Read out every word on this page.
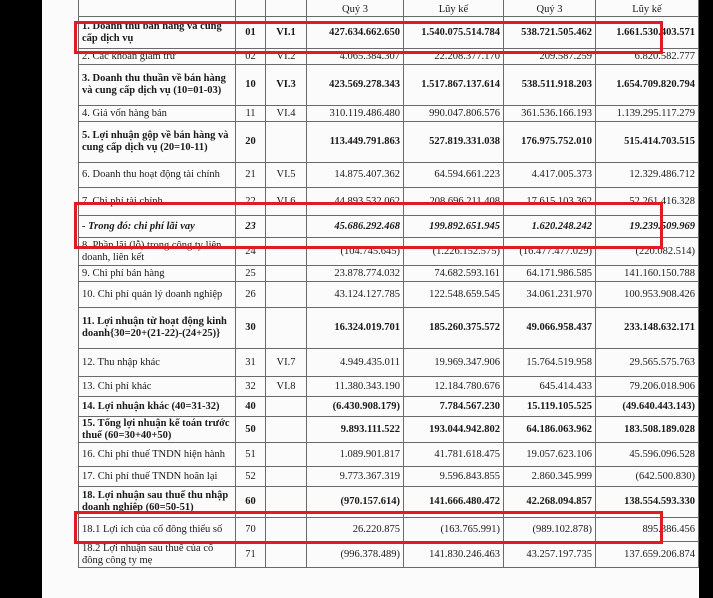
			Quý 3	Lũy kế	Quý 3	Lũy kế
1. Doanh thu bán hàng và cung cấp dịch vụ	01	VI.1	427.634.662.650	1.540.075.514.784	538.721.505.462	1.661.530.403.571
2. Các khoản giảm trừ	02	VI.2	4.065.384.307	22.208.377.170	209.587.259	6.820.582.777
3. Doanh thu thuần về bán hàng và cung cấp dịch vụ (10=01-03)	10	VI.3	423.569.278.343	1.517.867.137.614	538.511.918.203	1.654.709.820.794
4. Giá vốn hàng bán	11	VI.4	310.119.486.480	990.047.806.576	361.536.166.193	1.139.295.117.279
5. Lợi nhuận gộp về bán hàng và cung cấp dịch vụ (20=10-11)	20		113.449.791.863	527.819.331.038	176.975.752.010	515.414.703.515
6. Doanh thu hoạt động tài chính	21	VI.5	14.875.407.362	64.594.661.223	4.417.005.373	12.329.486.712
7. Chi phí tài chính	22	VI.6	44.893.532.062	208.696.211.408	17.615.103.362	52.261.416.328
- Trong đó: chi phí lãi vay	23		45.686.292.468	199.892.651.945	1.620.248.242	19.239.509.969
8. Phần lãi (lỗ) trong công ty liên doanh, liên kết	24		(104.745.645)	(1.226.152.575)	(16.477.477.029)	(220.082.514)
9. Chi phí bán hàng	25		23.878.774.032	74.682.593.161	64.171.986.585	141.160.150.788
10. Chi phí quản lý doanh nghiệp	26		43.124.127.785	122.548.659.545	34.061.231.970	100.953.908.426
11. Lợi nhuận từ hoạt động kinh doanh{30=20+(21-22)-(24+25)}	30		16.324.019.701	185.260.375.572	49.066.958.437	233.148.632.171
12. Thu nhập khác	31	VI.7	4.949.435.011	19.969.347.906	15.764.519.958	29.565.575.763
13. Chi phí khác	32	VI.8	11.380.343.190	12.184.780.676	645.414.433	79.206.018.906
14. Lợi nhuận khác (40=31-32)	40		(6.430.908.179)	7.784.567.230	15.119.105.525	(49.640.443.143)
15. Tổng lợi nhuận kế toán trước thuế (60=30+40+50)	50		9.893.111.522	193.044.942.802	64.186.063.962	183.508.189.028
16. Chi phí thuế TNDN hiện hành	51		1.089.901.817	41.781.618.475	19.057.623.106	45.596.096.528
17. Chi phí thuế TNDN hoãn lại	52		9.773.367.319	9.596.843.855	2.860.345.999	(642.500.830)
18. Lợi nhuận sau thuế thu nhập doanh nghiệp (60=50-51)	60		(970.157.614)	141.666.480.472	42.268.094.857	138.554.593.330
18.1 Lợi ích của cổ đông thiểu số	70		26.220.875	(163.765.991)	(989.102.878)	895.386.456
18.2 Lợi nhuận sau thuế của cổ đông công ty mẹ	71		(996.378.489)	141.830.246.463	43.257.197.735	137.659.206.874
